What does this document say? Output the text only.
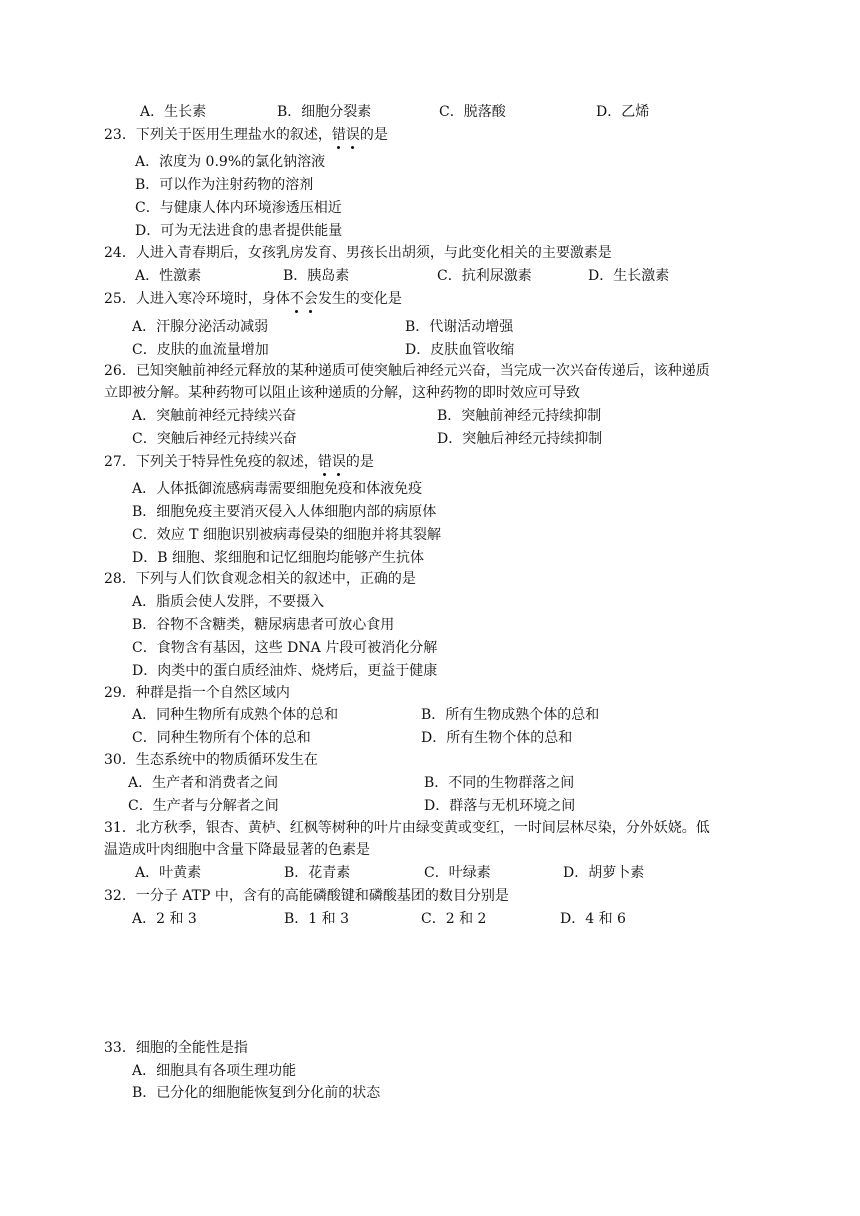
A．生长素	B．细胞分裂素	C．脱落酸	D．乙烯
23．下列关于医用生理盐水的叙述，错误的是
A．浓度为 0.9%的氯化钠溶液
B．可以作为注射药物的溶剂
C．与健康人体内环境渗透压相近
D．可为无法进食的患者提供能量
24．人进入青春期后，女孩乳房发育、男孩长出胡须，与此变化相关的主要激素是
A．性激素	B．胰岛素	C．抗利尿激素	D．生长激素
25．人进入寒冷环境时，身体不会发生的变化是
A．汗腺分泌活动减弱	B．代谢活动增强
C．皮肤的血流量增加	D．皮肤血管收缩
26．已知突触前神经元释放的某种递质可使突触后神经元兴奋，当完成一次兴奋传递后，该种递质
立即被分解。某种药物可以阻止该种递质的分解，这种药物的即时效应可导致
A．突触前神经元持续兴奋	B．突触前神经元持续抑制
C．突触后神经元持续兴奋	D．突触后神经元持续抑制
27．下列关于特异性免疫的叙述，错误的是
A．人体抵御流感病毒需要细胞免疫和体液免疫
B．细胞免疫主要消灭侵入人体细胞内部的病原体
C．效应 T 细胞识别被病毒侵染的细胞并将其裂解
D．B 细胞、浆细胞和记忆细胞均能够产生抗体
28．下列与人们饮食观念相关的叙述中，正确的是
A．脂质会使人发胖，不要摄入
B．谷物不含糖类，糖尿病患者可放心食用
C．食物含有基因，这些 DNA 片段可被消化分解
D．肉类中的蛋白质经油炸、烧烤后，更益于健康
29．种群是指一个自然区域内
A．同种生物所有成熟个体的总和	B．所有生物成熟个体的总和
C．同种生物所有个体的总和	D．所有生物个体的总和
30．生态系统中的物质循环发生在
A．生产者和消费者之间	B．不同的生物群落之间
C．生产者与分解者之间	D．群落与无机环境之间
31．北方秋季，银杏、黄栌、红枫等树种的叶片由绿变黄或变红，一时间层林尽染，分外妖娆。低
温造成叶肉细胞中含量下降最显著的色素是
A．叶黄素	B．花青素	C．叶绿素	D．胡萝卜素
32．一分子 ATP 中，含有的高能磷酸键和磷酸基团的数目分别是
A．2 和 3	B．1 和 3	C．2 和 2	D．4 和 6
33．细胞的全能性是指
A．细胞具有各项生理功能
B．已分化的细胞能恢复到分化前的状态
